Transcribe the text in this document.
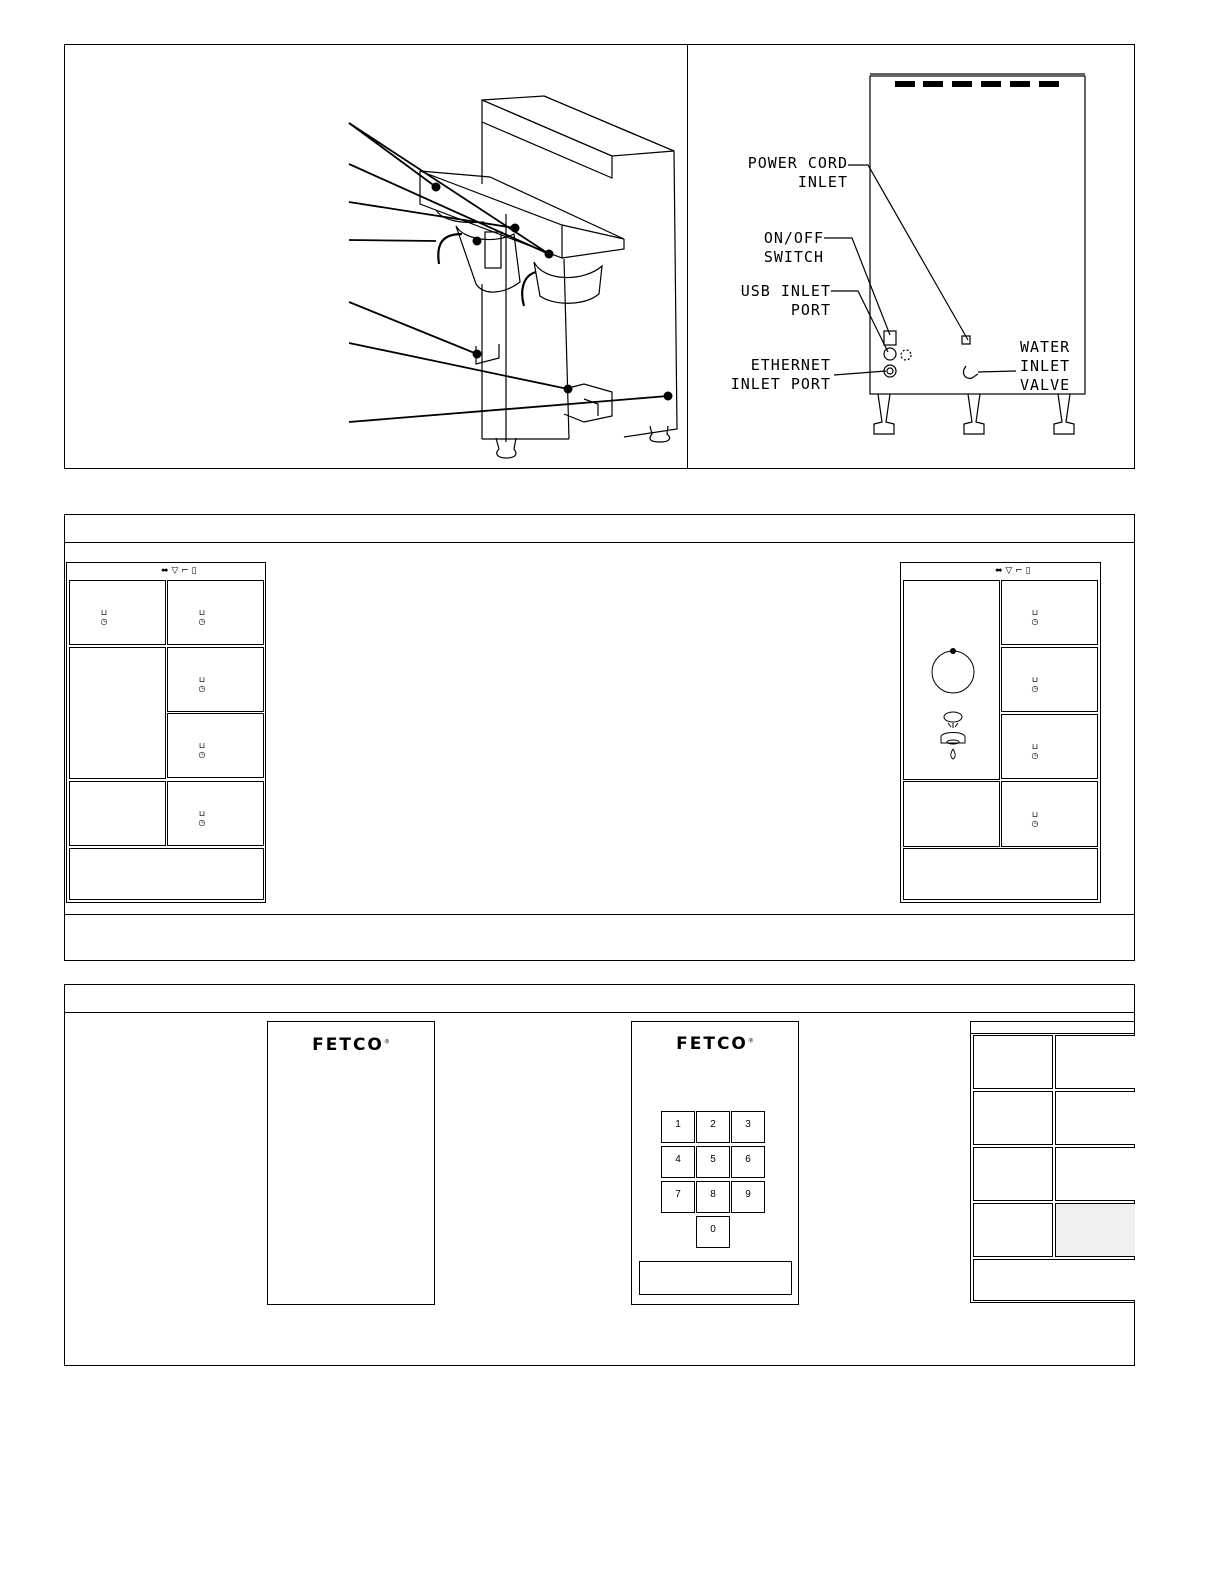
POWER CORD
INLET
ON/OFF
SWITCH
USB INLET
PORT
ETHERNET
INLET PORT
WATER
INLET
VALVE
⬌ ▽ ⌐ ▯
⊔
◷
⊔
◷
⊔
◷
⊔
◷
⊔
◷
⬌ ▽ ⌐ ▯
⊔
◷
⊔
◷
⊔
◷
⊔
◷
FETCO®	FETCO®
1	2	3
4	5	6
7	8	9
0
